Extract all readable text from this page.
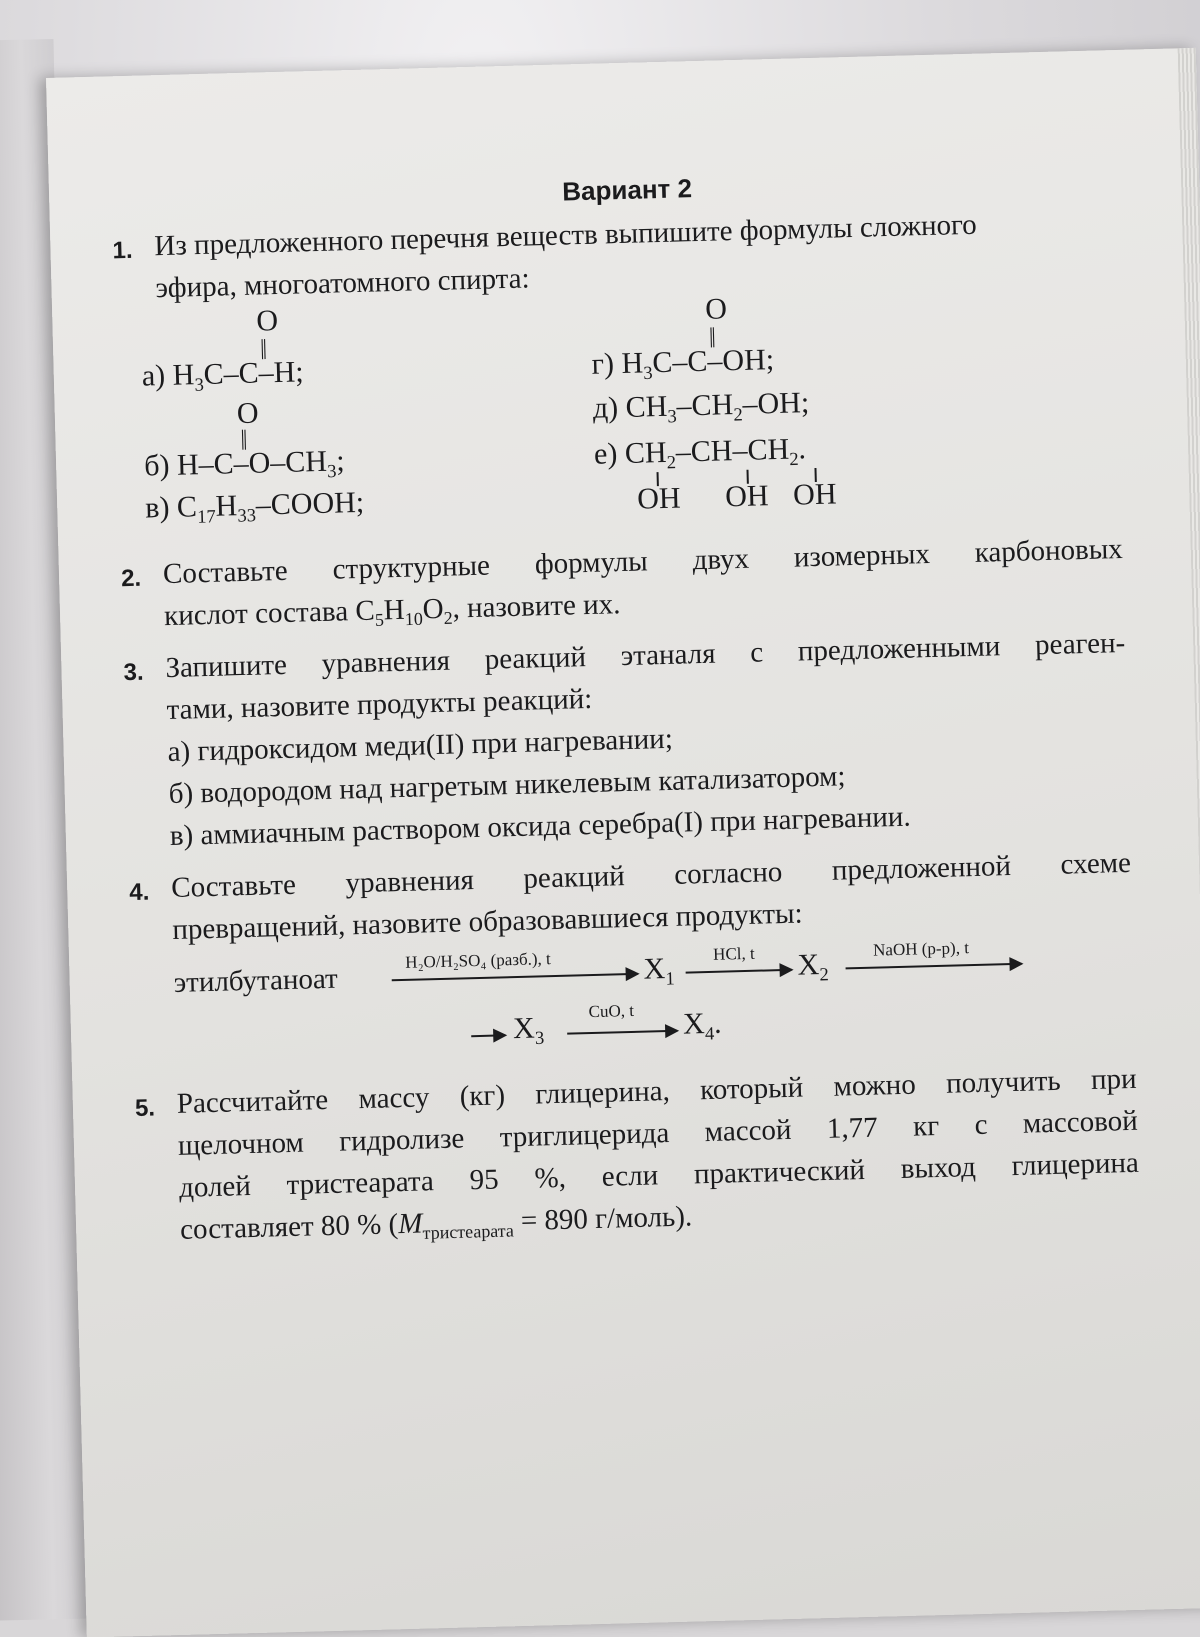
Вариант 2
1. Из предложенного перечня веществ выпишите формулы сложного
эфира, многоатомного спирта:
O
||
а) $H_3C-C-H$;
O
||
б) $H-C-O-CH_3$;
в) $C_{17}H_{33}$–COOH;
O
||
г) $H_3C-C-OH$;
д) $CH_3-CH_2-OH$;
е) $CH_2-CH-CH_2$.
OH OH OH
2. Составьте структурные формулы двух изомерных карбоновых
кислот состава $C_5H_{10}O_2$, назовите их.
3. Запишите уравнения реакций этаналя с предложенными реаген-
тами, назовите продукты реакций:
а) гидроксидом меди(II) при нагревании;
б) водородом над нагретым никелевым катализатором;
в) аммиачным раствором оксида серебра(I) при нагревании.
4. Составьте уравнения реакций согласно предложенной схеме
превращений, назовите образовавшиеся продукты:
этилбутаноат
H₂O/H₂SO₄ (разб.), t	$X_1$
HCl, t $X_2$
NaOH (р-р), t
$X_3$
CuO, t $X_4$.
5. Рассчитайте массу (кг) глицерина, который можно получить при
щелочном гидролизе триглицерида массой 1,77 кг с массовой
долей тристеарата 95 %, если практический выход глицерина
составляет 80 % ($M_{тристеарата} = 890$ г/моль).
